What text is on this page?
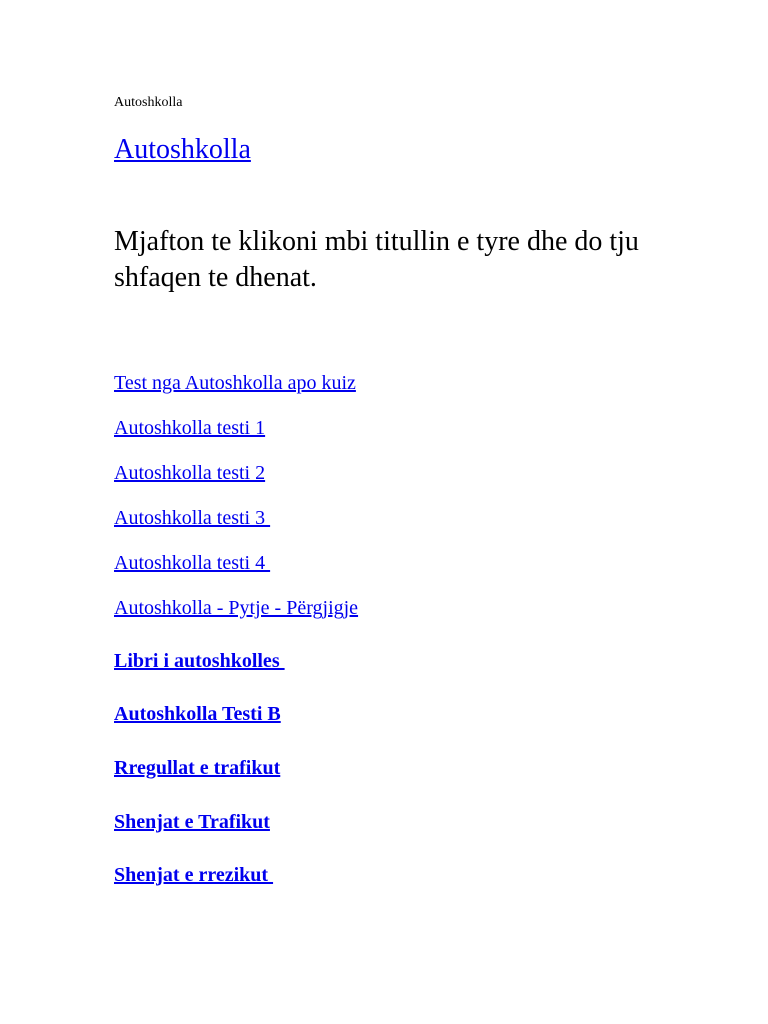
Autoshkolla
Autoshkolla

Mjafton te klikoni mbi titullin e tyre dhe do tju shfaqen te dhenat.

Test nga Autoshkolla apo kuiz
Autoshkolla testi 1
Autoshkolla testi 2
Autoshkolla testi 3
Autoshkolla testi 4
Autoshkolla - Pytje - Përgjigje
Libri i autoshkolles
Autoshkolla Testi B
Rregullat e trafikut
Shenjat e Trafikut
Shenjat e rrezikut
